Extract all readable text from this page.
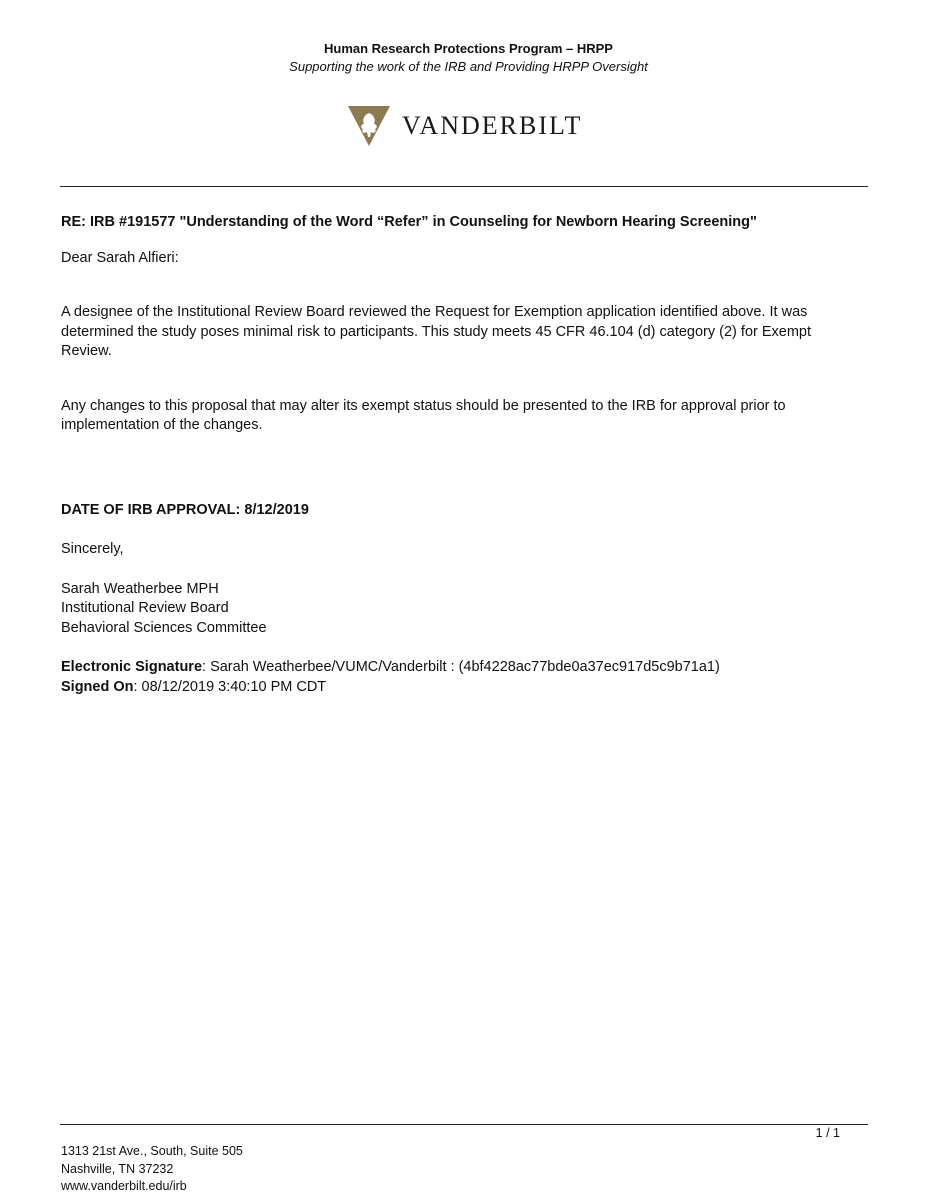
Human Research Protections Program – HRPP
Supporting the work of the IRB and Providing HRPP Oversight
VANDERBILT
RE: IRB #191577 "Understanding of the Word “Refer” in Counseling for Newborn Hearing Screening"
Dear Sarah Alfieri:
A designee of the Institutional Review Board reviewed the Request for Exemption application identified above. It was determined the study poses minimal risk to participants. This study meets 45 CFR 46.104 (d) category (2) for Exempt Review.
Any changes to this proposal that may alter its exempt status should be presented to the IRB for approval prior to implementation of the changes.
DATE OF IRB APPROVAL: 8/12/2019
Sincerely,
Sarah Weatherbee MPH
Institutional Review Board
Behavioral Sciences Committee
Electronic Signature: Sarah Weatherbee/VUMC/Vanderbilt : (4bf4228ac77bde0a37ec917d5c9b71a1)
Signed On: 08/12/2019 3:40:10 PM CDT
1 / 1
1313 21st Ave., South, Suite 505
Nashville, TN 37232
www.vanderbilt.edu/irb
